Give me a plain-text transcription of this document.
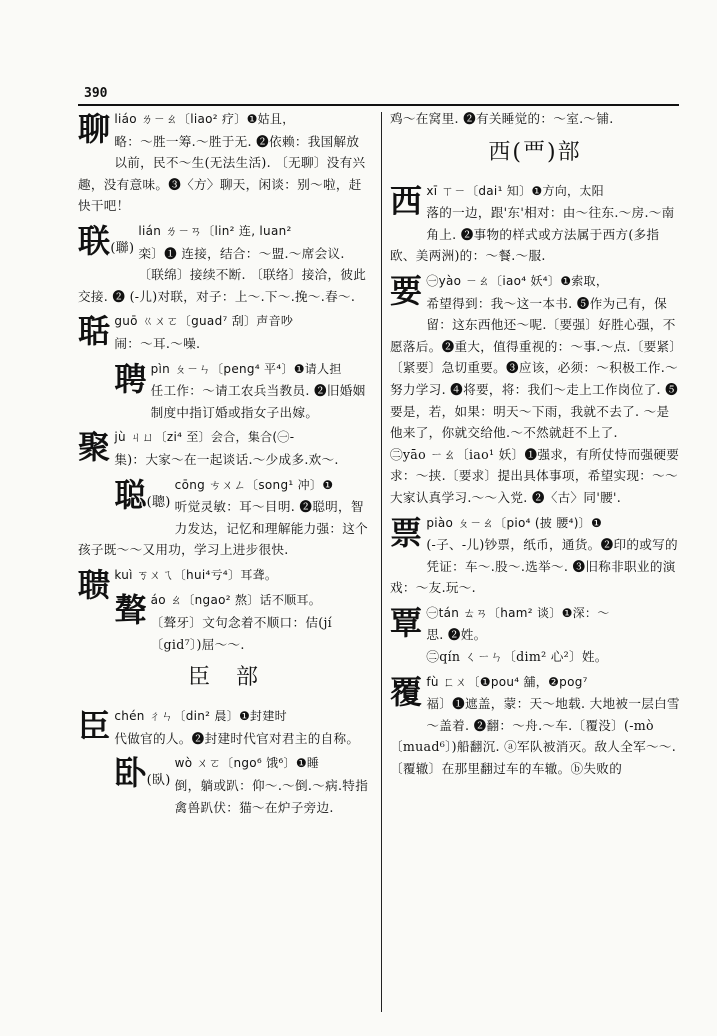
390
聊 liáo ㄌㄧㄠ〔liao² 疗〕❶姑且，

略：～胜一筹.～胜于无. ❷依赖：我国解放以前，民不～生(无法生活). 〔无聊〕没有兴趣，没有意味。❸〈方〉聊天，闲谈：别～啦，赶快干吧！

联(聯)

lián ㄌㄧㄢ〔lin² 连, luan²

栾〕❶ 连接，结合：～盟.～席会议. 〔联绵〕接续不断. 〔联络〕接洽，彼此交接. ❷ (-儿)对联，对子：上～.下～.挽～.春～.

聒 guō ㄍㄨㄛ〔guad⁷ 刮〕声音吵

闹：～耳.～噪.

聘 pìn ㄆㄧㄣ〔peng⁴ 平⁴〕❶请人担

任工作：～请工农兵当教员. ❷旧婚姻制度中指订婚或指女子出嫁。

聚 jù ㄐㄩ〔zi⁴ 至〕会合，集合(㊀-

集)：大家～在一起谈话.～少成多.欢～.

聪(聰)

cōng ㄘㄨㄥ〔song¹ 冲〕❶

听觉灵敏：耳～目明. ❷聪明，智力发达，记忆和理解能力强：这个孩子既～～又用功，学习上进步很快.

聩 kuì ㄎㄨㄟ〔hui⁴亏⁴〕耳聋。

聱 áo ㄠ〔ngao² 熬〕话不顺耳。

〔聱牙〕文句念着不顺口：佶(jí〔gid⁷〕)屈～～.

臣　部
臣 chén ㄔㄣ〔din² 晨〕❶封建时

代做官的人。❷封建时代官对君主的自称。

卧(臥)

wò ㄨㄛ〔ngo⁶ 饿⁶〕❶睡

倒，躺或趴：仰～.～倒.～病.特指禽兽趴伏：猫～在炉子旁边.

鸡～在窝里. ❷有关睡觉的：～室.～铺.

西(覀)部
西 xī ㄒㄧ〔dai¹ 知〕❶方向，太阳

落的一边，跟'东'相对：由～往东.～房.～南角上. ❷事物的样式或方法属于西方(多指欧、美两洲)的：～餐.～服.

要 ㊀yào ㄧㄠ〔iao⁴ 妖⁴〕❶索取，

希望得到：我～这一本书. ❺作为己有，保留：这东西他还～呢.〔要强〕好胜心强，不愿落后。❷重大，值得重视的：～事.～点.〔要紧〕〔紧要〕急切重要。❸应该，必须：～积极工作.～努力学习. ❹将要，将：我们～走上工作岗位了. ❺要是，若，如果：明天～下雨，我就不去了. ～是他来了，你就交给他.～不然就赶不上了.

㊁yāo ㄧㄠ〔iao¹ 妖〕❶强求，有所仗恃而强硬要求：～挟.〔要求〕提出具体事项，希望实现：～～大家认真学习.～～入党. ❷〈古〉同'腰'.

票 piào ㄆㄧㄠ〔pio⁴ (披 腰⁴)〕❶

(-子、-儿)钞票，纸币，通货。❷印的或写的凭证：车～.股～.选举～. ❸旧称非职业的演戏：～友.玩～.

覃 ㊀tán ㄊㄢ〔ham² 谈〕❶深：～

思. ❷姓。

㊁qín ㄑㄧㄣ〔dim² 心²〕姓。

覆 fù ㄈㄨ〔❶pou⁴ 舖，❷pog⁷

福〕❶遮盖，蒙：天～地载. 大地被一层白雪～盖着. ❷翻：～舟.～车.〔覆没〕(-mò〔muad⁶〕)船翻沉. ⓐ军队被消灭。敌人全军～～. 〔覆辙〕在那里翻过车的车辙。ⓑ失败的
